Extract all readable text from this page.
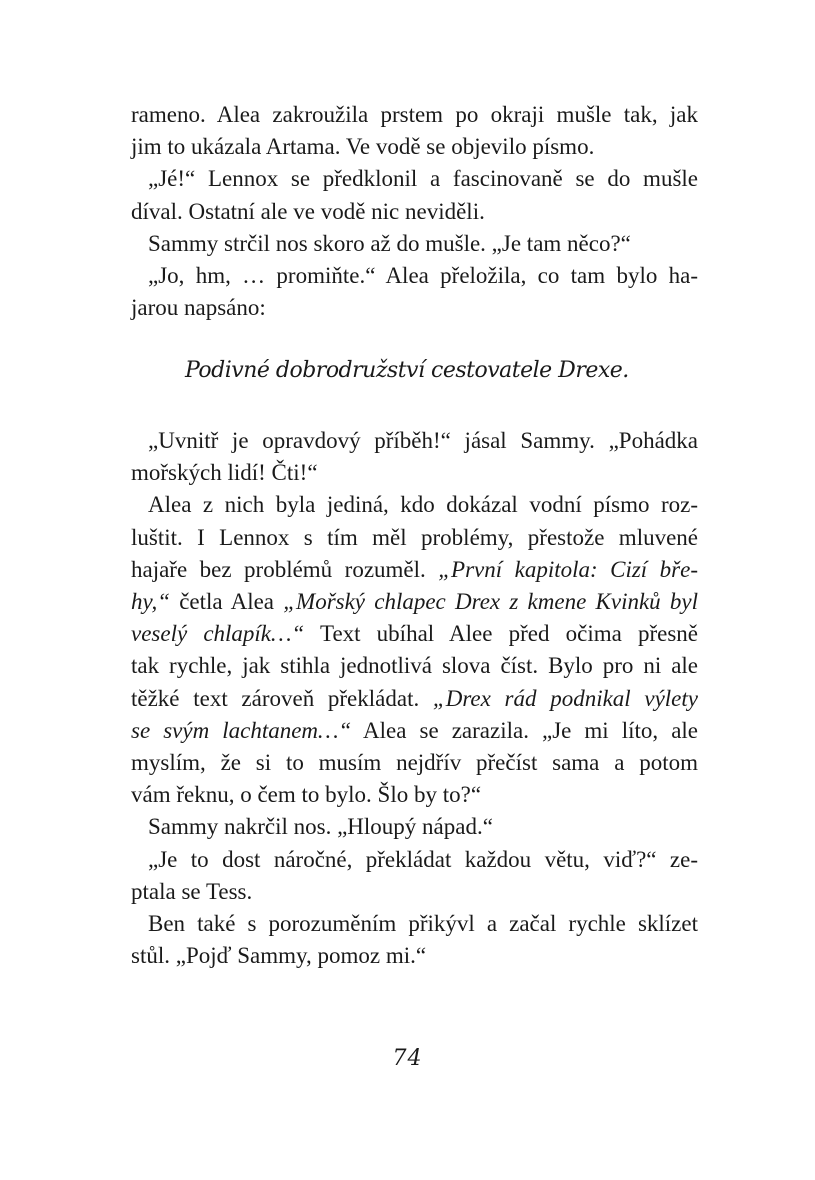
rameno. Alea zakroužila prstem po okraji mušle tak, jak
jim to ukázala Artama. Ve vodě se objevilo písmo.
„Jé!“ Lennox se předklonil a fascinovaně se do mušle
díval. Ostatní ale ve vodě nic neviděli.
Sammy strčil nos skoro až do mušle. „Je tam něco?“
„Jo, hm, … promiňte.“ Alea přeložila, co tam bylo ha-
jarou napsáno:
Podivné dobrodružství cestovatele Drexe.
„Uvnitř je opravdový příběh!“ jásal Sammy. „Pohádka
mořských lidí! Čti!“
Alea z nich byla jediná, kdo dokázal vodní písmo roz-
luštit. I Lennox s tím měl problémy, přestože mluvené
hajaře bez problémů rozuměl. „První kapitola: Cizí bře-
hy,“ četla Alea „Mořský chlapec Drex z kmene Kvinků byl
veselý chlapík…“ Text ubíhal Alee před očima přesně
tak rychle, jak stihla jednotlivá slova číst. Bylo pro ni ale
těžké text zároveň překládat. „Drex rád podnikal výlety
se svým lachtanem…“ Alea se zarazila. „Je mi líto, ale
myslím, že si to musím nejdřív přečíst sama a potom
vám řeknu, o čem to bylo. Šlo by to?“
Sammy nakrčil nos. „Hloupý nápad.“
„Je to dost náročné, překládat každou větu, viď?“ ze-
ptala se Tess.
Ben také s porozuměním přikývl a začal rychle sklízet
stůl. „Pojď Sammy, pomoz mi.“
74
